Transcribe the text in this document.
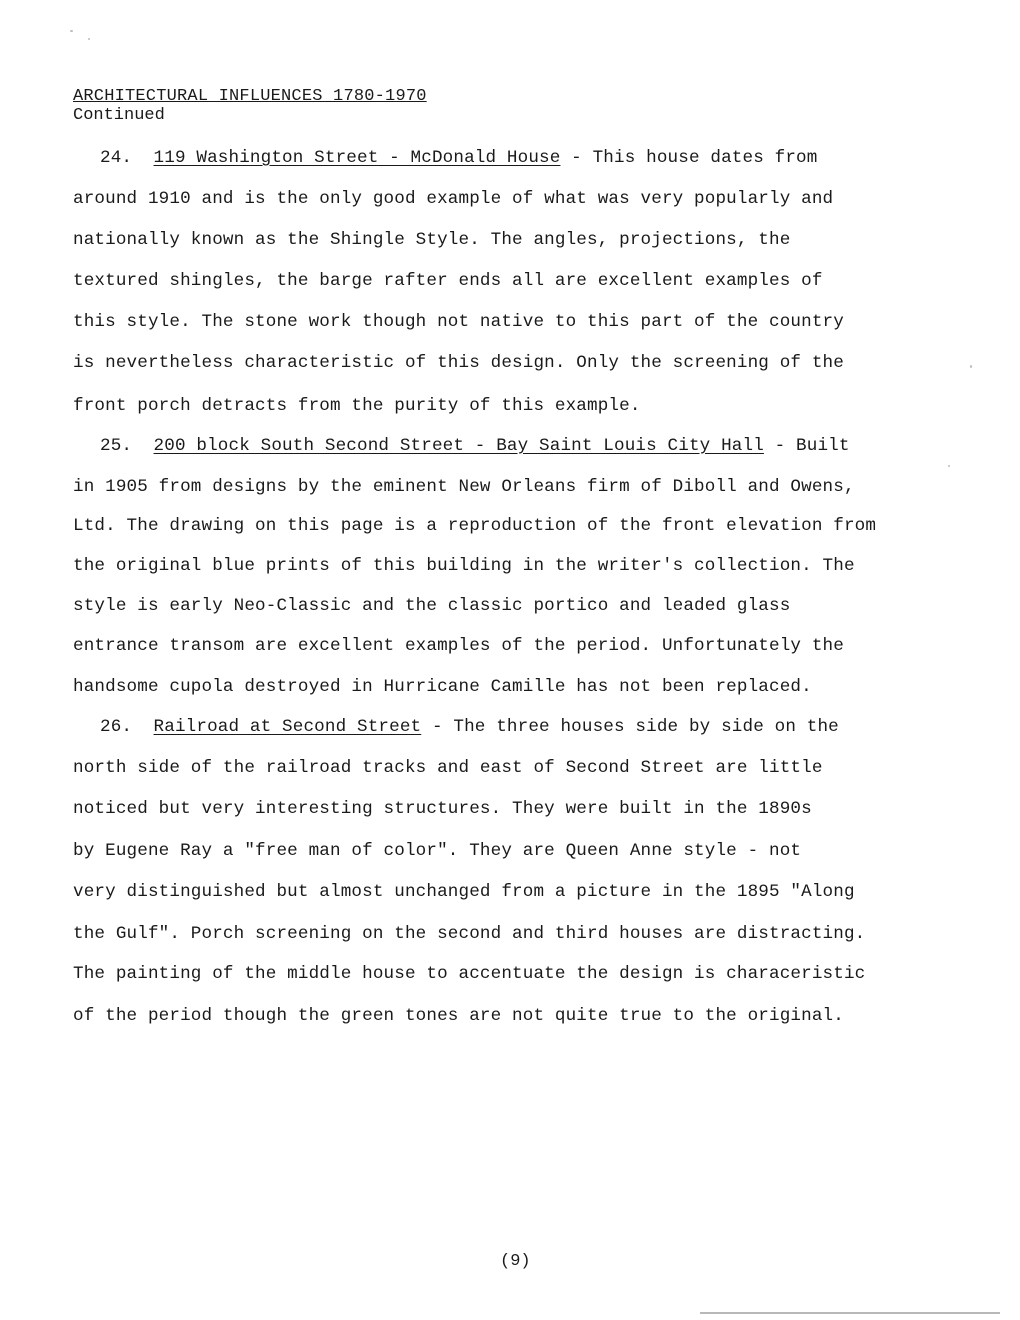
ARCHITECTURAL INFLUENCES 1780-1970
Continued
24. 119 Washington Street - McDonald House - This house dates from
around 1910 and is the only good example of what was very popularly and
nationally known as the Shingle Style. The angles, projections, the
textured shingles, the barge rafter ends all are excellent examples of
this style. The stone work though not native to this part of the country
is nevertheless characteristic of this design. Only the screening of the
front porch detracts from the purity of this example.
25. 200 block South Second Street - Bay Saint Louis City Hall - Built
in 1905 from designs by the eminent New Orleans firm of Diboll and Owens,
Ltd. The drawing on this page is a reproduction of the front elevation from
the original blue prints of this building in the writer's collection. The
style is early Neo-Classic and the classic portico and leaded glass
entrance transom are excellent examples of the period. Unfortunately the
handsome cupola destroyed in Hurricane Camille has not been replaced.
26. Railroad at Second Street - The three houses side by side on the
north side of the railroad tracks and east of Second Street are little
noticed but very interesting structures. They were built in the 1890s
by Eugene Ray a "free man of color". They are Queen Anne style - not
very distinguished but almost unchanged from a picture in the 1895 "Along
the Gulf". Porch screening on the second and third houses are distracting.
The painting of the middle house to accentuate the design is characeristic
of the period though the green tones are not quite true to the original.
(9)
